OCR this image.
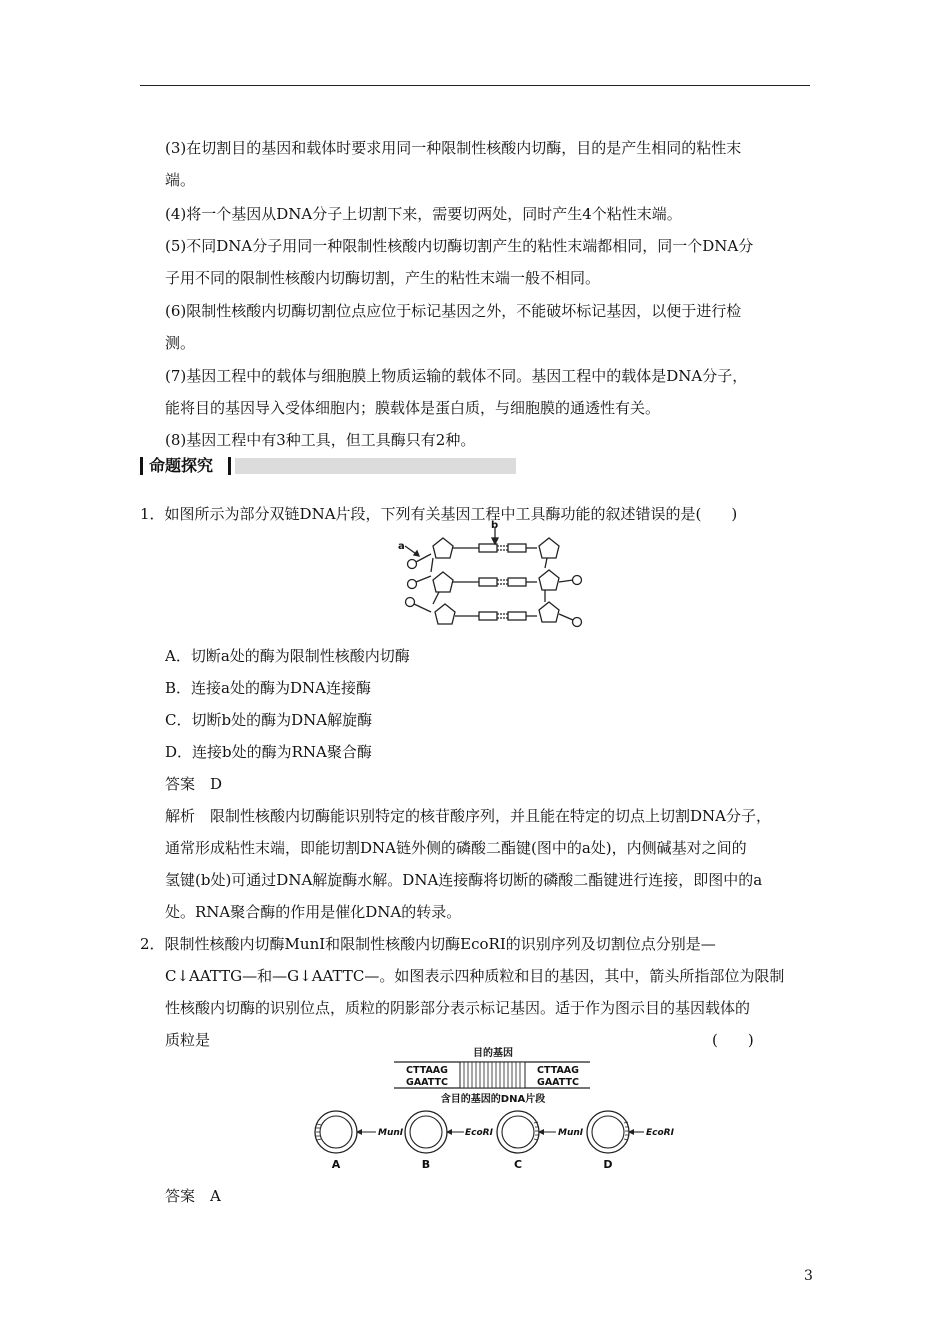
(3)在切割目的基因和载体时要求用同一种限制性核酸内切酶，目的是产生相同的粘性末
端。
(4)将一个基因从DNA分子上切割下来，需要切两处，同时产生4个粘性末端。
(5)不同DNA分子用同一种限制性核酸内切酶切割产生的粘性末端都相同，同一个DNA分
子用不同的限制性核酸内切酶切割，产生的粘性末端一般不相同。
(6)限制性核酸内切酶切割位点应位于标记基因之外，不能破坏标记基因，以便于进行检
测。
(7)基因工程中的载体与细胞膜上物质运输的载体不同。基因工程中的载体是DNA分子，
能将目的基因导入受体细胞内；膜载体是蛋白质，与细胞膜的通透性有关。
(8)基因工程中有3种工具，但工具酶只有2种。
命题探究
1．如图所示为部分双链DNA片段，下列有关基因工程中工具酶功能的叙述错误的是(　　)
a
b
A．切断a处的酶为限制性核酸内切酶
B．连接a处的酶为DNA连接酶
C．切断b处的酶为DNA解旋酶
D．连接b处的酶为RNA聚合酶
答案　D
解析　限制性核酸内切酶能识别特定的核苷酸序列，并且能在特定的切点上切割DNA分子，
通常形成粘性末端，即能切割DNA链外侧的磷酸二酯键(图中的a处)，内侧碱基对之间的
氢键(b处)可通过DNA解旋酶水解。DNA连接酶将切断的磷酸二酯键进行连接，即图中的a
处。RNA聚合酶的作用是催化DNA的转录。
2．限制性核酸内切酶MunⅠ和限制性核酸内切酶EcoRⅠ的识别序列及切割位点分别是—
C↓AATTG—和—G↓AATTC—。如图表示四种质粒和目的基因，其中，箭头所指部位为限制
性核酸内切酶的识别位点，质粒的阴影部分表示标记基因。适于作为图示目的基因载体的
质粒是	(　　)
目的基因
CTTAAG
GAATTC
CTTAAG
GAATTC
含目的基因的DNA片段
MunI
A
EcoRI
B
MunI
C
EcoRI
D
答案　A
3
